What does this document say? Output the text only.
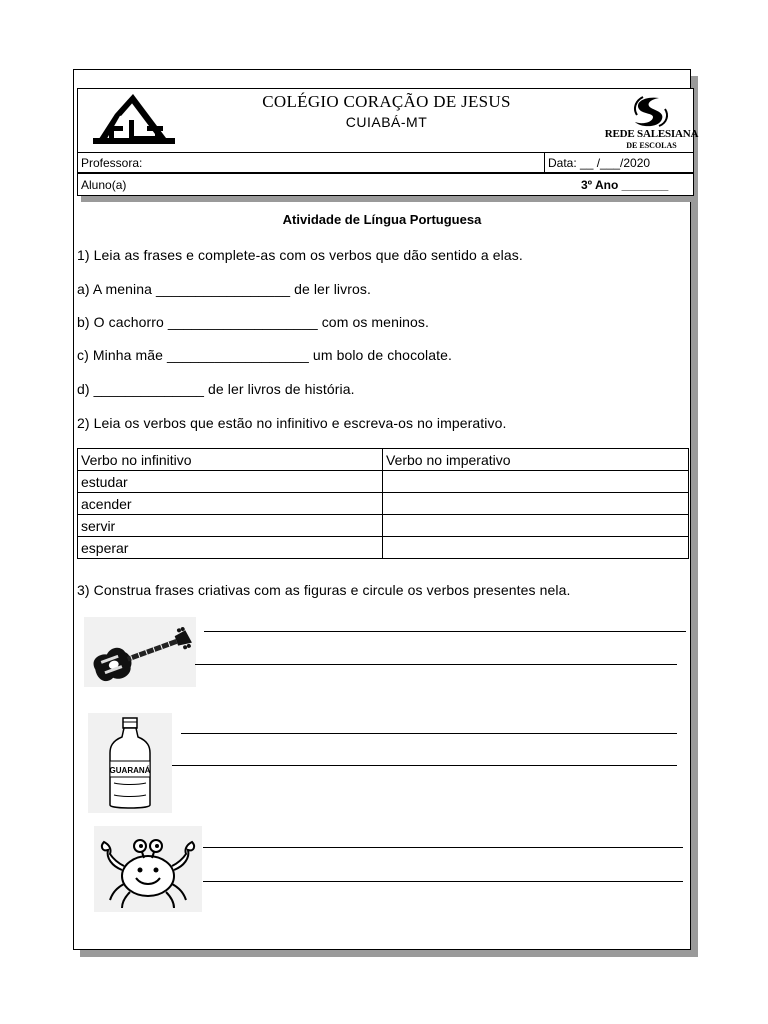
COLÉGIO CORAÇÃO DE JESUS
CUIABÁ-MT
REDE SALESIANA
DE ESCOLAS
Professora:	Data: __ /___/2020
Aluno(a)	3º Ano _______
Atividade de Língua Portuguesa
1) Leia as frases e complete-as com os verbos que dão sentido a elas.
a) A menina _________________ de ler livros.
b) O cachorro ___________________ com os meninos.
c) Minha mãe __________________ um bolo de chocolate.
d) ______________ de ler livros de história.
2) Leia os verbos que estão no infinitivo e escreva-os no imperativo.
Verbo no infinitivo	Verbo no imperativo
estudar	
acender	
servir	
esperar	
3) Construa frases criativas com as figuras e circule os verbos presentes nela.
GUARANÁ
